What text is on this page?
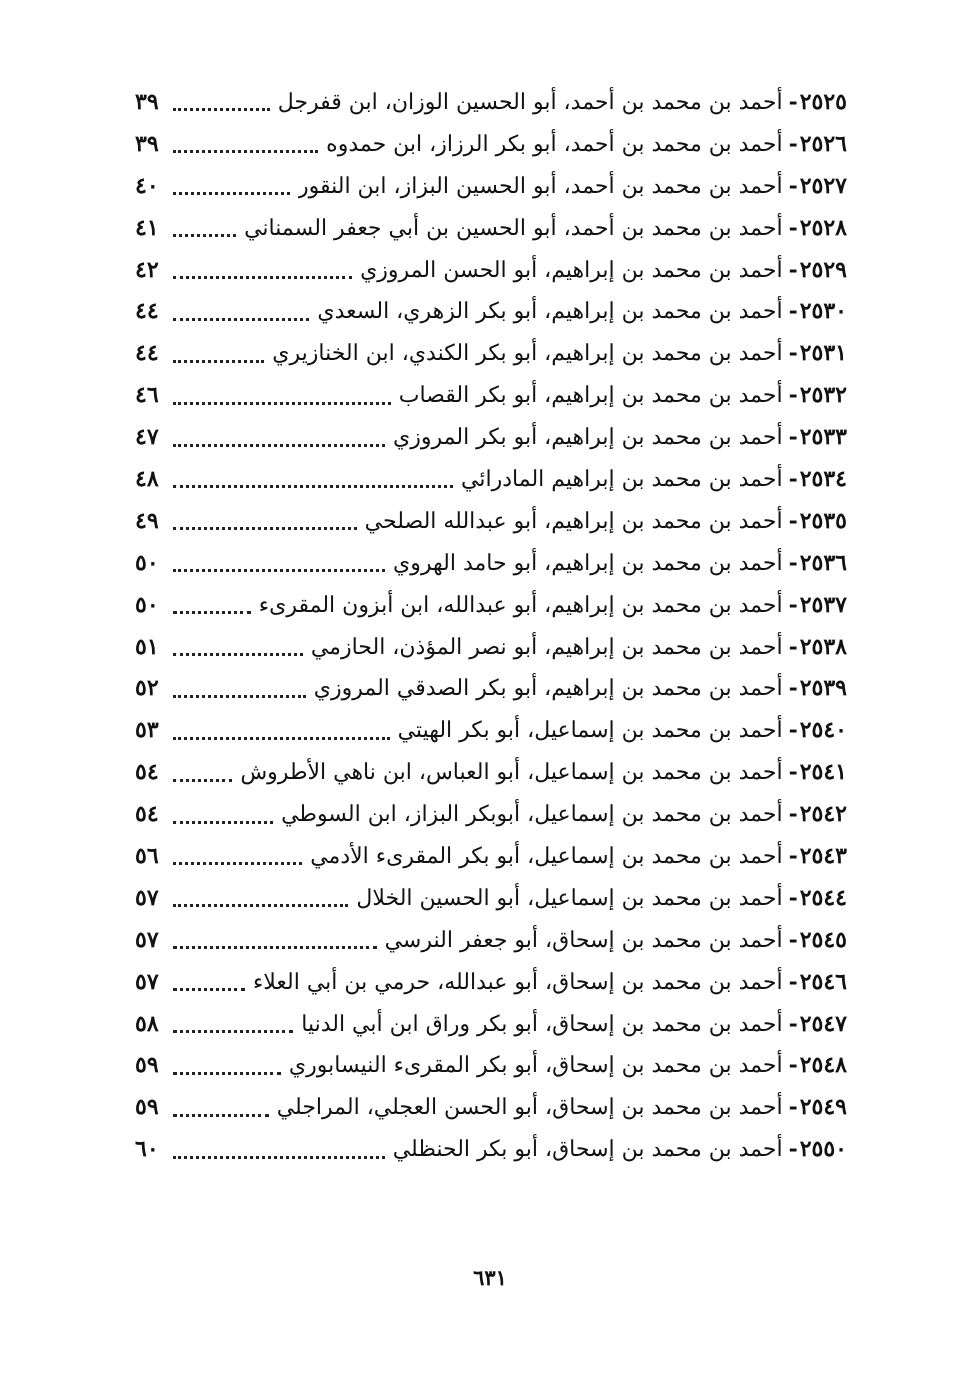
٢٥٢٥
-
أحمد بن محمد بن أحمد، أبو الحسين الوزان، ابن قفرجل
٣٩
٢٥٢٦
-
أحمد بن محمد بن أحمد، أبو بكر الرزاز، ابن حمدوه
٣٩
٢٥٢٧
-
أحمد بن محمد بن أحمد، أبو الحسين البزاز، ابن النقور
٤٠
٢٥٢٨
-
أحمد بن محمد بن أحمد، أبو الحسين بن أبي جعفر السمناني
٤١
٢٥٢٩
-
أحمد بن محمد بن إبراهيم، أبو الحسن المروزي
٤٢
٢٥٣٠
-
أحمد بن محمد بن إبراهيم، أبو بكر الزهري، السعدي
٤٤
٢٥٣١
-
أحمد بن محمد بن إبراهيم، أبو بكر الكندي، ابن الخنازيري
٤٤
٢٥٣٢
-
أحمد بن محمد بن إبراهيم، أبو بكر القصاب
٤٦
٢٥٣٣
-
أحمد بن محمد بن إبراهيم، أبو بكر المروزي
٤٧
٢٥٣٤
-
أحمد بن محمد بن إبراهيم المادرائي
٤٨
٢٥٣٥
-
أحمد بن محمد بن إبراهيم، أبو عبدالله الصلحي
٤٩
٢٥٣٦
-
أحمد بن محمد بن إبراهيم، أبو حامد الهروي
٥٠
٢٥٣٧
-
أحمد بن محمد بن إبراهيم، أبو عبدالله، ابن أبزون المقرىء
٥٠
٢٥٣٨
-
أحمد بن محمد بن إبراهيم، أبو نصر المؤذن، الحازمي
٥١
٢٥٣٩
-
أحمد بن محمد بن إبراهيم، أبو بكر الصدقي المروزي
٥٢
٢٥٤٠
-
أحمد بن محمد بن إسماعيل، أبو بكر الهيتي
٥٣
٢٥٤١
-
أحمد بن محمد بن إسماعيل، أبو العباس، ابن ناهي الأطروش
٥٤
٢٥٤٢
-
أحمد بن محمد بن إسماعيل، أبوبكر البزاز، ابن السوطي
٥٤
٢٥٤٣
-
أحمد بن محمد بن إسماعيل، أبو بكر المقرىء الأدمي
٥٦
٢٥٤٤
-
أحمد بن محمد بن إسماعيل، أبو الحسين الخلال
٥٧
٢٥٤٥
-
أحمد بن محمد بن إسحاق، أبو جعفر النرسي
٥٧
٢٥٤٦
-
أحمد بن محمد بن إسحاق، أبو عبدالله، حرمي بن أبي العلاء
٥٧
٢٥٤٧
-
أحمد بن محمد بن إسحاق، أبو بكر وراق ابن أبي الدنيا
٥٨
٢٥٤٨
-
أحمد بن محمد بن إسحاق، أبو بكر المقرىء النيسابوري
٥٩
٢٥٤٩
-
أحمد بن محمد بن إسحاق، أبو الحسن العجلي، المراجلي
٥٩
٢٥٥٠
-
أحمد بن محمد بن إسحاق، أبو بكر الحنظلي
٦٠
٦٣١
